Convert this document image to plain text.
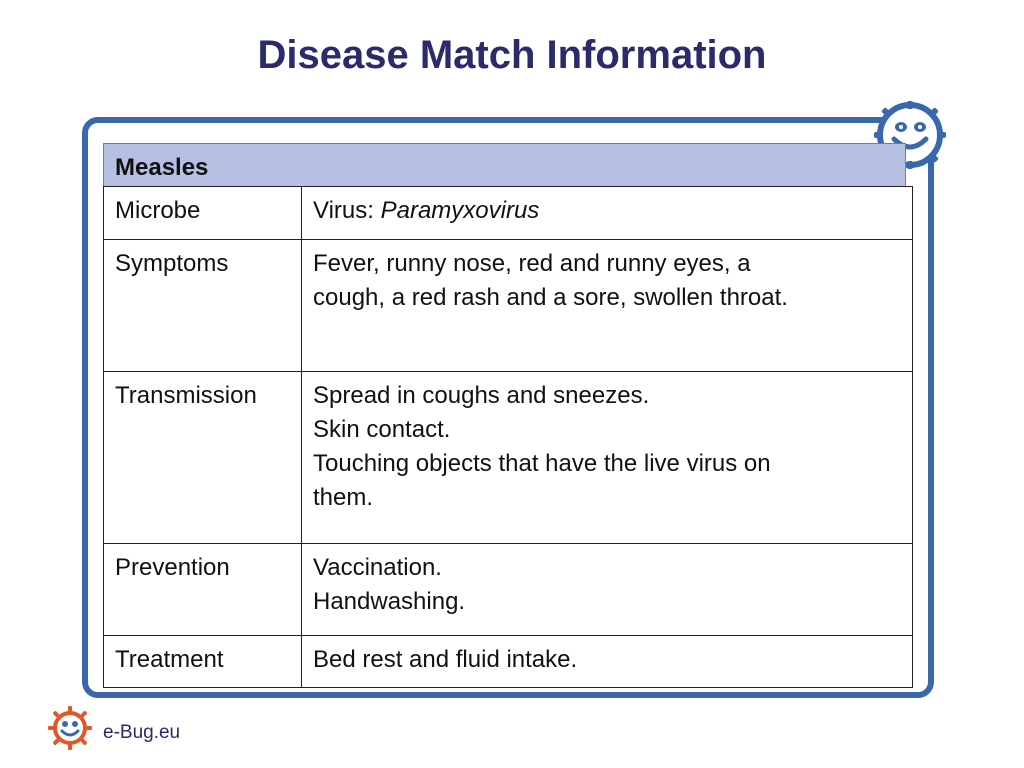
Disease Match Information
Measles
Microbe	Virus: Paramyxovirus
Symptoms	Fever, runny nose, red and runny eyes, a
cough, a red rash and a sore, swollen throat.

Transmission	Spread in coughs and sneezes.
Skin contact.
Touching objects that have the live virus on
them.

Prevention	Vaccination.
Handwashing.

Treatment	Bed rest and fluid intake.
e-Bug.eu
